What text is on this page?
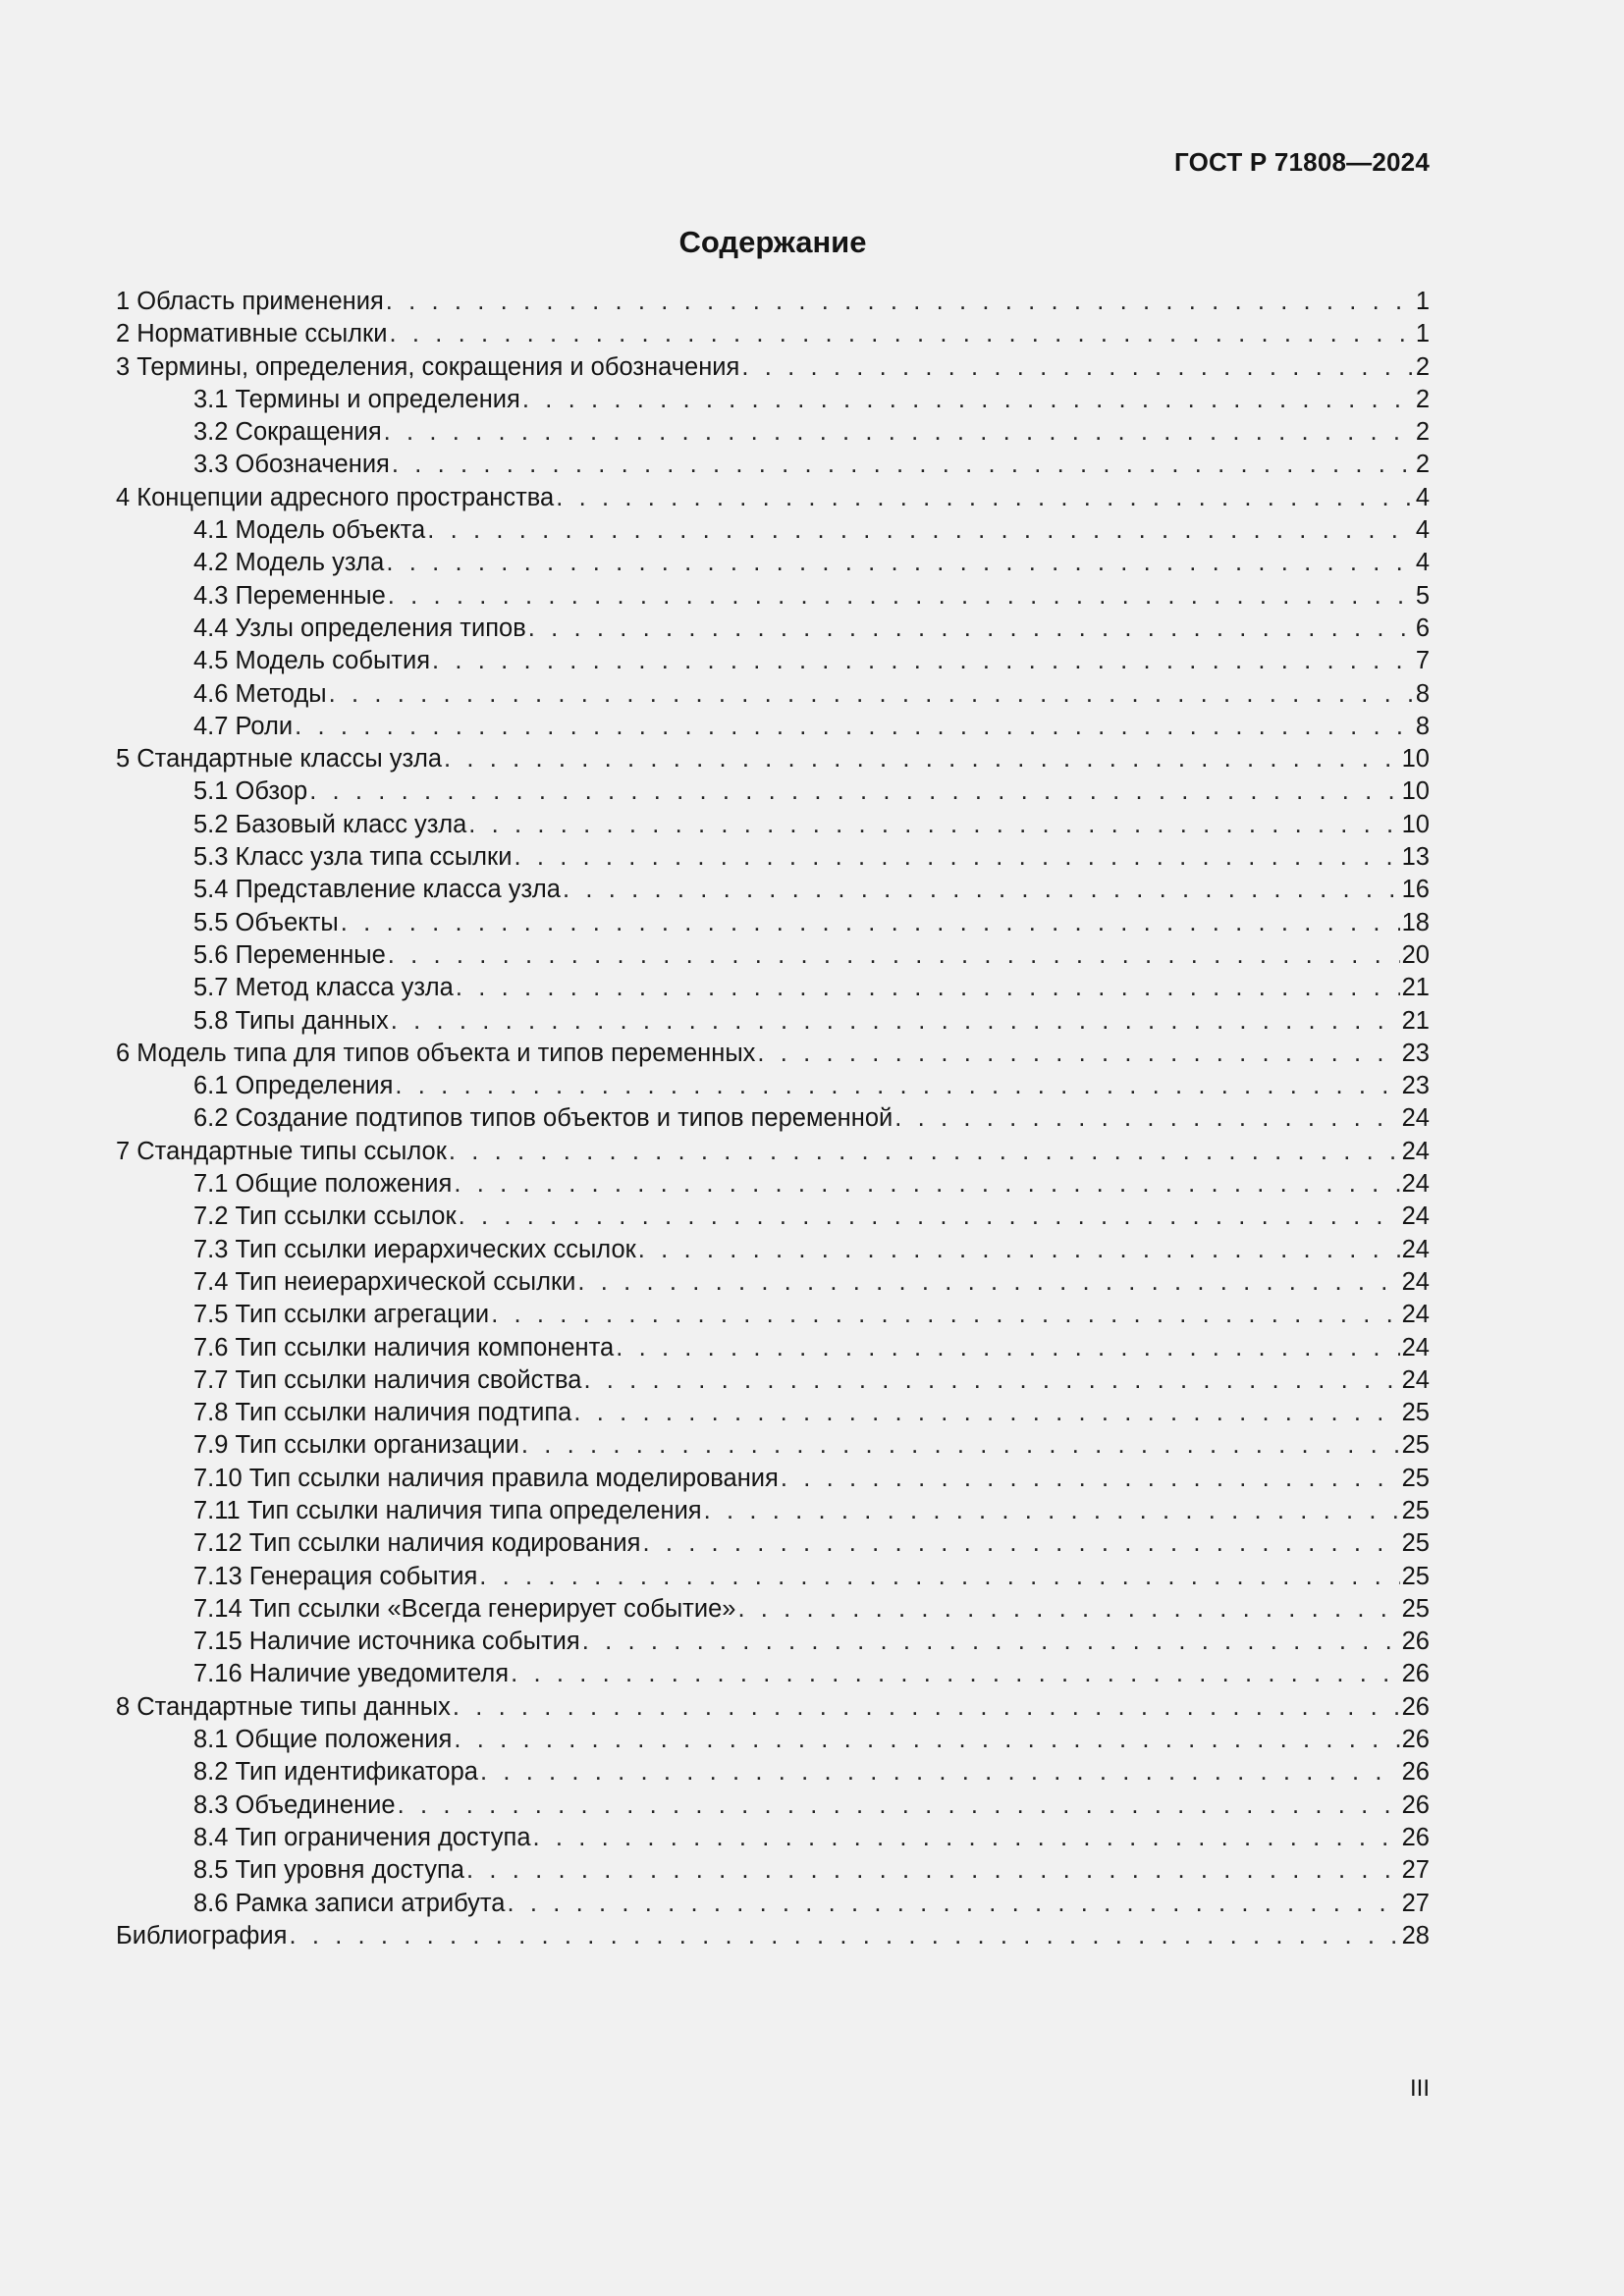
ГОСТ Р 71808—2024
Содержание
1 Область применения . . .	1
2 Нормативные ссылки . . .	1
3 Термины, определения, сокращения и обозначения . . .	2
3.1 Термины и определения . . .	2
3.2 Сокращения . . .	2
3.3 Обозначения . . .	2
4 Концепции адресного пространства . . .	4
4.1 Модель объекта . . .	4
4.2 Модель узла . . .	4
4.3 Переменные . . .	5
4.4 Узлы определения типов . . .	6
4.5 Модель события . . .	7
4.6 Методы . . .	8
4.7 Роли . . .	8
5 Стандартные классы узла . . .	10
5.1 Обзор . . .	10
5.2 Базовый класс узла . . .	10
5.3 Класс узла типа ссылки . . .	13
5.4 Представление класса узла . . .	16
5.5 Объекты . . .	18
5.6 Переменные . . .	20
5.7 Метод класса узла . . .	21
5.8 Типы данных . . .	21
6 Модель типа для типов объекта и типов переменных . . .	23
6.1 Определения . . .	23
6.2 Создание подтипов типов объектов и типов переменной . . .	24
7 Стандартные типы ссылок . . .	24
7.1 Общие положения . . .	24
7.2 Тип ссылки ссылок . . .	24
7.3 Тип ссылки иерархических ссылок . . .	24
7.4 Тип неиерархической ссылки . . .	24
7.5 Тип ссылки агрегации . . .	24
7.6 Тип ссылки наличия компонента . . .	24
7.7 Тип ссылки наличия свойства . . .	24
7.8 Тип ссылки наличия подтипа . . .	25
7.9 Тип ссылки организации . . .	25
7.10 Тип ссылки наличия правила моделирования . . .	25
7.11 Тип ссылки наличия типа определения . . .	25
7.12 Тип ссылки наличия кодирования . . .	25
7.13 Генерация события . . .	25
7.14 Тип ссылки «Всегда генерирует событие» . . .	25
7.15 Наличие источника события . . .	26
7.16 Наличие уведомителя . . .	26
8 Стандартные типы данных . . .	26
8.1 Общие положения . . .	26
8.2 Тип идентификатора . . .	26
8.3 Объединение . . .	26
8.4 Тип ограничения доступа . . .	26
8.5 Тип уровня доступа . . .	27
8.6 Рамка записи атрибута . . .	27
Библиография . . .	28
III
